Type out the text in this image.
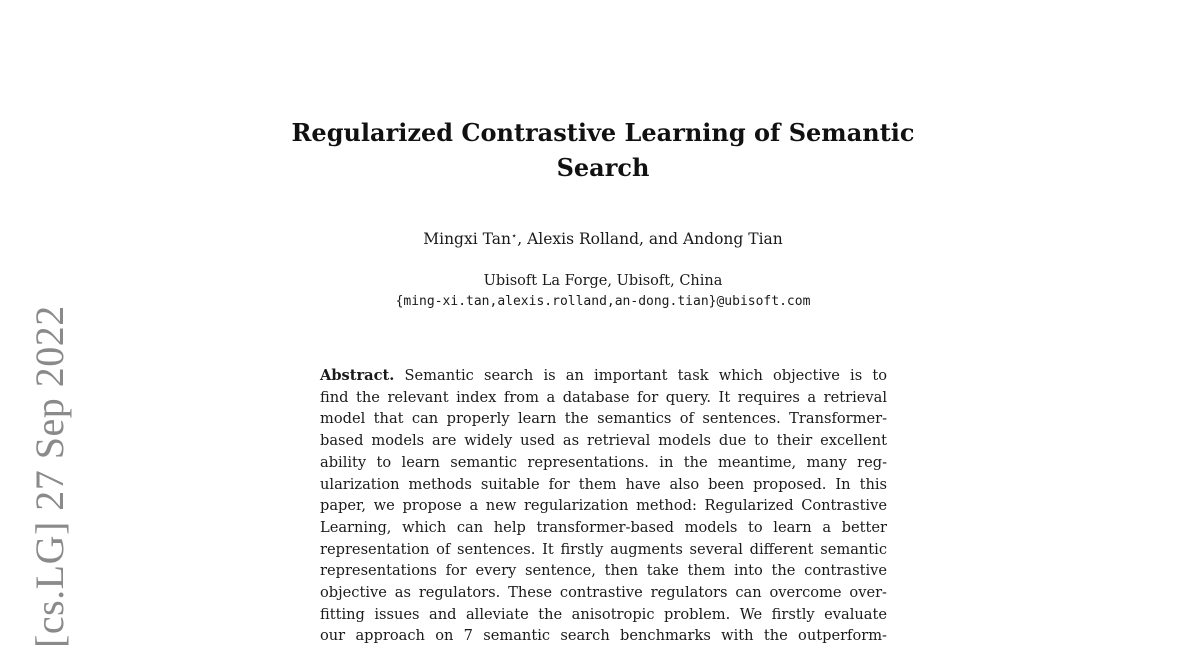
[cs.LG] 27 Sep 2022
Regularized Contrastive Learning of Semantic
Search
Mingxi Tan⋆, Alexis Rolland, and Andong Tian
Ubisoft La Forge, Ubisoft, China
{ming-xi.tan,alexis.rolland,an-dong.tian}@ubisoft.com
Abstract. Semantic search is an important task which objective is to
find the relevant index from a database for query. It requires a retrieval
model that can properly learn the semantics of sentences. Transformer-
based models are widely used as retrieval models due to their excellent
ability to learn semantic representations. in the meantime, many reg-
ularization methods suitable for them have also been proposed. In this
paper, we propose a new regularization method: Regularized Contrastive
Learning, which can help transformer-based models to learn a better
representation of sentences. It firstly augments several different semantic
representations for every sentence, then take them into the contrastive
objective as regulators. These contrastive regulators can overcome over-
fitting issues and alleviate the anisotropic problem. We firstly evaluate
our approach on 7 semantic search benchmarks with the outperform-
